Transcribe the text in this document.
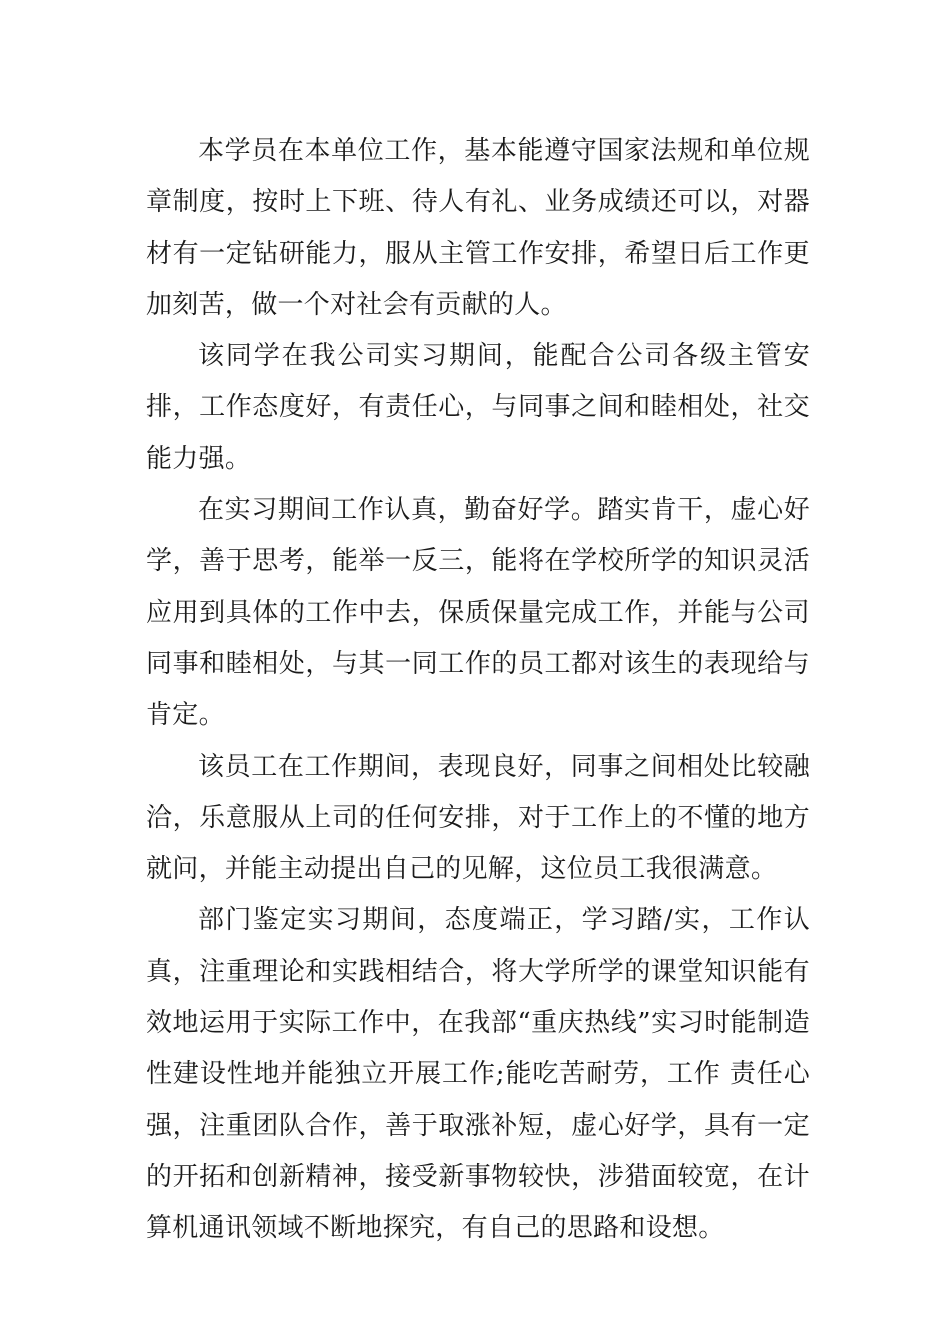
本学员在本单位工作，基本能遵守国家法规和单位规章制度，按时上下班、待人有礼、业务成绩还可以，对器材有一定钻研能力，服从主管工作安排，希望日后工作更加刻苦，做一个对社会有贡献的人。

该同学在我公司实习期间，能配合公司各级主管安排，工作态度好，有责任心，与同事之间和睦相处，社交能力强。

在实习期间工作认真，勤奋好学。踏实肯干，虚心好学，善于思考，能举一反三，能将在学校所学的知识灵活应用到具体的工作中去，保质保量完成工作，并能与公司同事和睦相处，与其一同工作的员工都对该生的表现给与肯定。

该员工在工作期间，表现良好，同事之间相处比较融洽，乐意服从上司的任何安排，对于工作上的不懂的地方就问，并能主动提出自己的见解，这位员工我很满意。

部门鉴定实习期间，态度端正，学习踏/实，工作认真，注重理论和实践相结合，将大学所学的课堂知识能有效地运用于实际工作中，在我部“重庆热线”实习时能制造性建设性地并能独立开展工作;能吃苦耐劳，工作 责任心强，注重团队合作，善于取涨补短，虚心好学，具有一定的开拓和创新精神，接受新事物较快，涉猎面较宽，在计算机通讯领域不断地探究，有自己的思路和设想。
